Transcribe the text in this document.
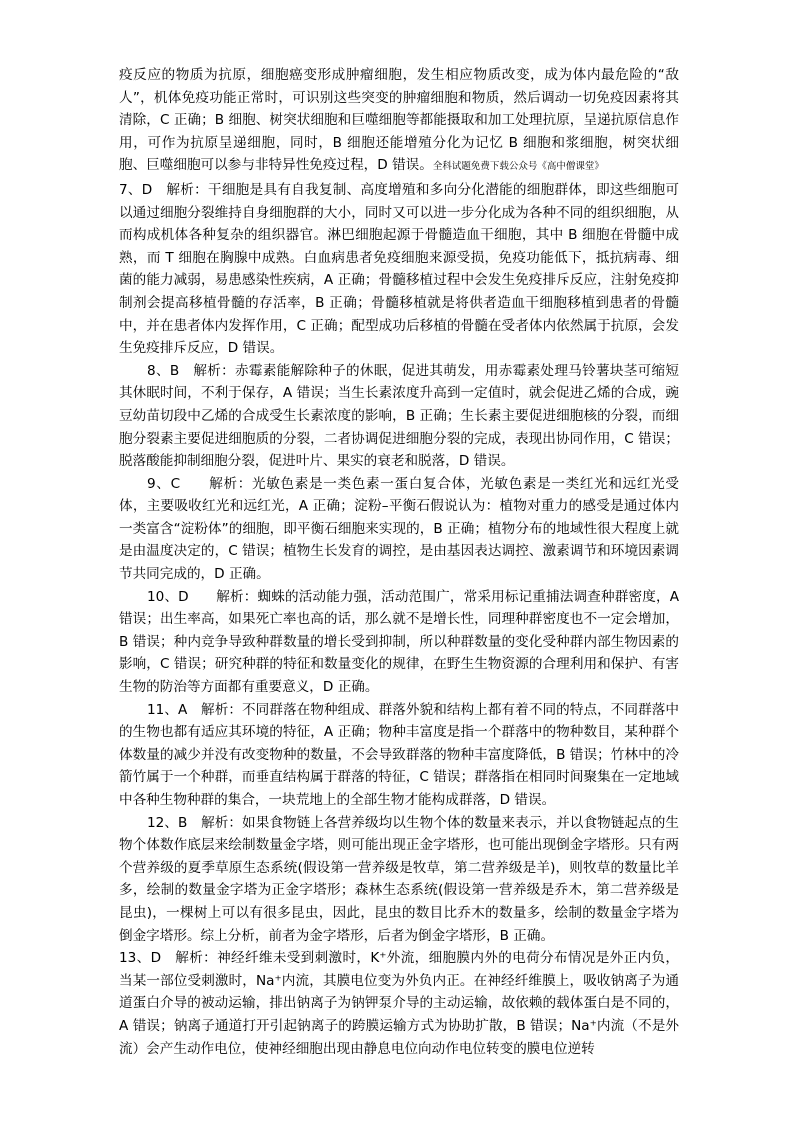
疫反应的物质为抗原，细胞癌变形成肿瘤细胞，发生相应物质改变，成为体内最危险的“敌人”，机体免疫功能正常时，可识别这些突变的肿瘤细胞和物质，然后调动一切免疫因素将其清除，C 正确；B 细胞、树突状细胞和巨噬细胞等都能摄取和加工处理抗原，呈递抗原信息作用，可作为抗原呈递细胞，同时，B 细胞还能增殖分化为记忆 B 细胞和浆细胞，树突状细胞、巨噬细胞可以参与非特异性免疫过程，D 错误。全科试题免费下载公众号《高中僧课堂》

7、D　解析：干细胞是具有自我复制、高度增殖和多向分化潜能的细胞群体，即这些细胞可以通过细胞分裂维持自身细胞群的大小，同时又可以进一步分化成为各种不同的组织细胞，从而构成机体各种复杂的组织器官。淋巴细胞起源于骨髓造血干细胞，其中 B 细胞在骨髓中成熟，而 T 细胞在胸腺中成熟。白血病患者免疫细胞来源受损，免疫功能低下，抵抗病毒、细菌的能力减弱，易患感染性疾病，A 正确；骨髓移植过程中会发生免疫排斥反应，注射免疫抑制剂会提高移植骨髓的存活率，B 正确；骨髓移植就是将供者造血干细胞移植到患者的骨髓中，并在患者体内发挥作用，C 正确；配型成功后移植的骨髓在受者体内依然属于抗原，会发生免疫排斥反应，D 错误。

8、B　解析：赤霉素能解除种子的休眠，促进其萌发，用赤霉素处理马铃薯块茎可缩短其休眠时间，不利于保存，A 错误；当生长素浓度升高到一定值时，就会促进乙烯的合成，豌豆幼苗切段中乙烯的合成受生长素浓度的影响，B 正确；生长素主要促进细胞核的分裂，而细胞分裂素主要促进细胞质的分裂，二者协调促进细胞分裂的完成，表现出协同作用，C 错误；脱落酸能抑制细胞分裂，促进叶片、果实的衰老和脱落，D 错误。

9、C　　解析：光敏色素是一类色素一蛋白复合体，光敏色素是一类红光和远红光受体，主要吸收红光和远红光，A 正确；淀粉–平衡石假说认为：植物对重力的感受是通过体内一类富含“淀粉体”的细胞，即平衡石细胞来实现的，B 正确；植物分布的地域性很大程度上就是由温度决定的，C 错误；植物生长发育的调控，是由基因表达调控、激素调节和环境因素调节共同完成的，D 正确。

10、D　　解析：蜘蛛的活动能力强，活动范围广，常采用标记重捕法调查种群密度，A 错误；出生率高，如果死亡率也高的话，那么就不是增长性，同理种群密度也不一定会增加，B 错误；种内竞争导致种群数量的增长受到抑制，所以种群数量的变化受种群内部生物因素的影响，C 错误；研究种群的特征和数量变化的规律，在野生生物资源的合理利用和保护、有害生物的防治等方面都有重要意义，D 正确。

11、A　解析：不同群落在物种组成、群落外貌和结构上都有着不同的特点，不同群落中的生物也都有适应其环境的特征，A 正确；物种丰富度是指一个群落中的物种数目，某种群个体数量的减少并没有改变物种的数量，不会导致群落的物种丰富度降低，B 错误；竹林中的冷箭竹属于一个种群，而垂直结构属于群落的特征，C 错误；群落指在相同时间聚集在一定地域中各种生物种群的集合，一块荒地上的全部生物才能构成群落，D 错误。

12、B　解析：如果食物链上各营养级均以生物个体的数量来表示，并以食物链起点的生物个体数作底层来绘制数量金字塔，则可能出现正金字塔形，也可能出现倒金字塔形。只有两个营养级的夏季草原生态系统(假设第一营养级是牧草，第二营养级是羊)，则牧草的数量比羊多，绘制的数量金字塔为正金字塔形；森林生态系统(假设第一营养级是乔木，第二营养级是昆虫)，一棵树上可以有很多昆虫，因此，昆虫的数目比乔木的数量多，绘制的数量金字塔为倒金字塔形。综上分析，前者为金字塔形，后者为倒金字塔形，B 正确。

13、D　解析：神经纤维未受到刺激时，K⁺外流，细胞膜内外的电荷分布情况是外正内负，当某一部位受刺激时，Na⁺内流，其膜电位变为外负内正。在神经纤维膜上，吸收钠离子为通道蛋白介导的被动运输，排出钠离子为钠钾泵介导的主动运输，故依赖的载体蛋白是不同的，A 错误；钠离子通道打开引起钠离子的跨膜运输方式为协助扩散，B 错误；Na⁺内流（不是外流）会产生动作电位，使神经细胞出现由静息电位向动作电位转变的膜电位逆转
